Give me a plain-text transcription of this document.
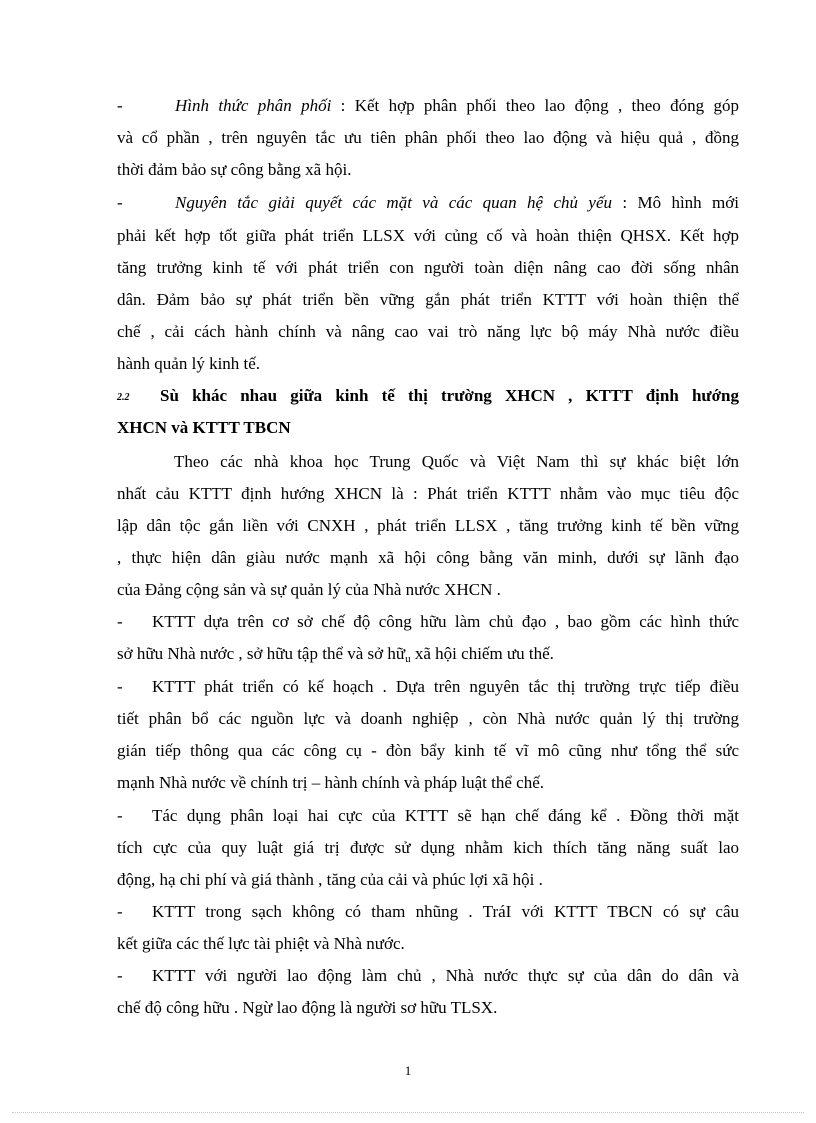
-	Hình thức phân phối : Kết hợp phân phối theo lao động , theo đóng góp
và cổ phần , trên nguyên tắc ưu tiên phân phối theo lao động và hiệu quả , đồng
thời đảm bảo sự công bằng xã hội.
-	Nguyên tắc giải quyết các mặt và các quan hệ chủ yếu : Mô hình mới
phải kết hợp tốt giữa phát triển LLSX với củng cố và hoàn thiện QHSX. Kết hợp
tăng trưởng kinh tế với phát triển con người toàn diện nâng cao đời sống nhân
dân. Đảm bảo sự phát triển bền vững gắn phát triển KTTT với hoàn thiện thể
chế , cải cách hành chính và nâng cao vai trò năng lực bộ máy Nhà nước điều
hành quản lý kinh tế.
2.2 Sù khác nhau giữa kinh tế thị trường XHCN , KTTT định hướng
XHCN và KTTT TBCN
Theo các nhà khoa học Trung Quốc và Việt Nam thì sự khác biệt lớn
nhất cảu KTTT định hướng XHCN là : Phát triển KTTT nhằm vào mục tiêu độc
lập dân tộc gắn liền với CNXH , phát triển LLSX , tăng trưởng kinh tế bền vững
, thực hiện dân giàu nước mạnh xã hội công bằng văn minh, dưới sự lãnh đạo
của Đảng cộng sản và sự quản lý của Nhà nước XHCN .
-	KTTT dựa trên cơ sở chế độ công hữu làm chủ đạo , bao gồm các hình thức
sở hữu Nhà nước , sở hữu tập thể và sở hữ$_u$ xã hội chiếm ưu thế.
-	KTTT phát triển có kế hoạch . Dựa trên nguyên tắc thị trường trực tiếp điều
tiết phân bổ các nguồn lực và doanh nghiệp , còn Nhà nước quản lý thị trường
gián tiếp thông qua các công cụ - đòn bẩy kinh tế vĩ mô cũng như tổng thể sức
mạnh Nhà nước về chính trị – hành chính và pháp luật thể chế.
-	Tác dụng phân loại hai cực của KTTT sẽ hạn chế đáng kể . Đồng thời mặt
tích cực của quy luật giá trị được sử dụng nhằm kich thích tăng năng suất lao
động, hạ chi phí và giá thành , tăng của cải và phúc lợi xã hội .
-	KTTT trong sạch không có tham nhũng . TráI với KTTT TBCN có sự câu
kết giữa các thế lực tài phiệt và Nhà nước.
-	KTTT với người lao động làm chủ , Nhà nước thực sự của dân do dân và
chế độ công hữu . Ngừ lao động là người sơ hữu TLSX.
1
